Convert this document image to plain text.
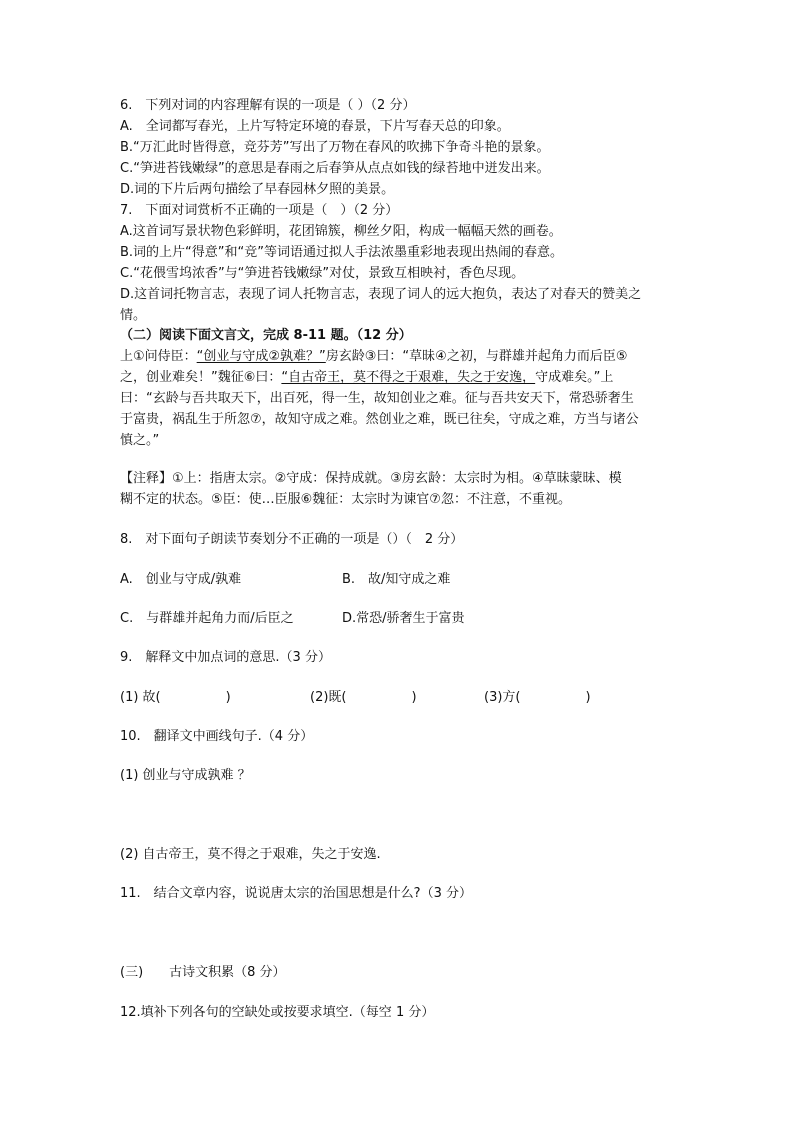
6.　下列对词的内容理解有误的一项是（ ）（2 分）
A.　全词都写春光，上片写特定环境的春景，下片写春天总的印象。
B.“万汇此时皆得意，竞芬芳”写出了万物在春风的吹拂下争奇斗艳的景象。
C.“笋进苔钱嫩绿”的意思是春雨之后春笋从点点如钱的绿苔地中迸发出来。
D.词的下片后两句描绘了早春园林夕照的美景。
7.　下面对词赏析不正确的一项是（　）（2 分）
A.这首词写景状物色彩鲜明，花团锦簇，柳丝夕阳，构成一幅幅天然的画卷。
B.词的上片“得意”和“竞”等词语通过拟人手法浓墨重彩地表现出热闹的春意。
C.“花偎雪坞浓香”与“笋进苔钱嫩绿”对仗，景致互相映衬，香色尽现。
D.这首词托物言志，表现了词人托物言志，表现了词人的远大抱负，表达了对春天的赞美之
情。
（二）阅读下面文言文，完成 8-11 题。（12 分）
上①问侍臣：“创业与守成②孰难？”房玄龄③曰：“草昧④之初，与群雄并起角力而后臣⑤
之，创业难矣！”魏征⑥曰：“自古帝王，莫不得之于艰难，失之于安逸，守成难矣。”上
曰：“玄龄与吾共取天下，出百死，得一生，故知创业之难。征与吾共安天下，常恐骄奢生
于富贵，祸乱生于所忽⑦，故知守成之难。然创业之难，既已往矣，守成之难，方当与诸公
慎之。”
【注释】①上：指唐太宗。②守成：保持成就。③房玄龄：太宗时为相。④草昧蒙昧、模
糊不定的状态。⑤臣：使…臣服⑥魏征：太宗时为谏官⑦忽：不注意，不重视。
8.　对下面句子朗读节奏划分不正确的一项是（）（　2 分）
A.　创业与守成/孰难	B.　故/知守成之难
C.　与群雄并起角力而/后臣之	D.常恐/骄奢生于富贵
9.　解释文中加点词的意思.（3 分）
(1) 故(　　　　　)	(2)既(　　　　　)	(3)方(　　　　　)
10.　翻译文中画线句子.（4 分）
(1) 创业与守成孰难 ？
(2) 自古帝王，莫不得之于艰难，失之于安逸.
11.　结合文章内容，说说唐太宗的治国思想是什么?（3 分）
(三)　　古诗文积累（8 分）
12.填补下列各句的空缺处或按要求填空.（每空 1 分）
